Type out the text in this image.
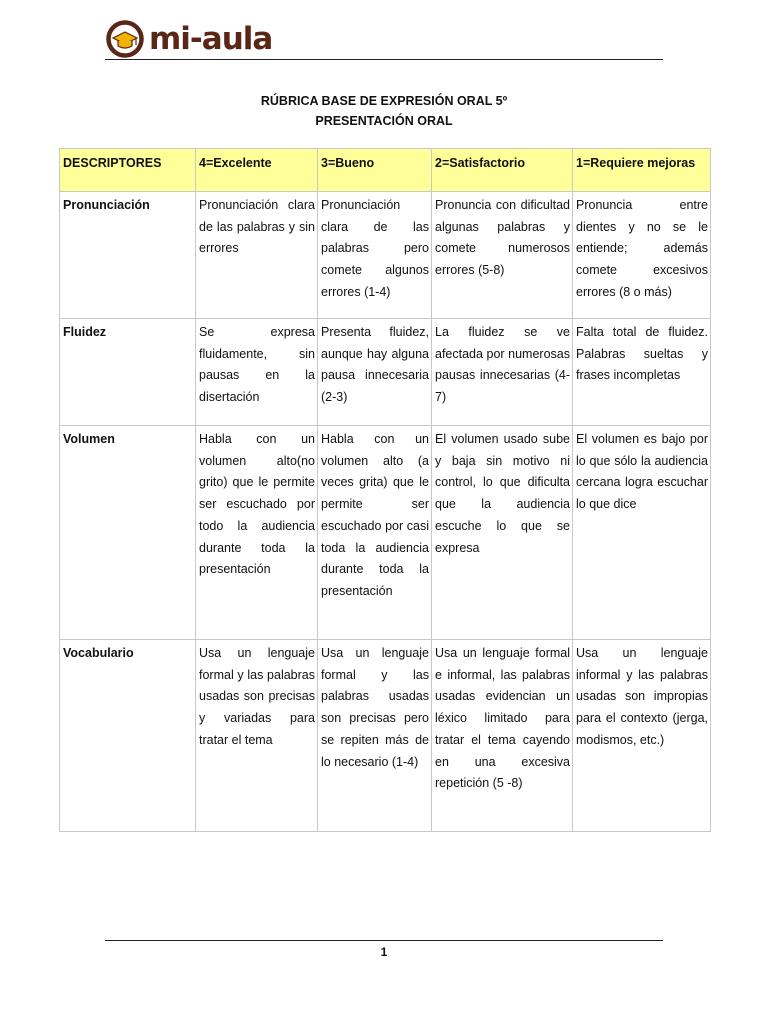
mi-aula
RÚBRICA BASE DE EXPRESIÓN ORAL 5º
PRESENTACIÓN ORAL
DESCRIPTORES	4=Excelente	3=Bueno	2=Satisfactorio	1=Requiere mejoras
Pronunciación	Pronunciación clara de las palabras y sin errores	Pronunciación clara de las palabras pero comete algunos errores (1-4)	Pronuncia con dificultad algunas palabras y comete numerosos errores (5-8)	Pronuncia entre dientes y no se le entiende; además comete excesivos errores (8 o más)
Fluidez	Se expresa fluidamente, sin pausas en la disertación	Presenta fluidez, aunque hay alguna pausa innecesaria (2-3)	La fluidez se ve afectada por numerosas pausas innecesarias (4-7)	Falta total de fluidez. Palabras sueltas y frases incompletas
Volumen	Habla con un volumen alto(no grito) que le permite ser escuchado por todo la audiencia durante toda la presentación	Habla con un volumen alto (a veces grita) que le permite ser escuchado por casi toda la audiencia durante toda la presentación	El volumen usado sube y baja sin motivo ni control, lo que dificulta que la audiencia escuche lo que se expresa	El volumen es bajo por lo que sólo la audiencia cercana logra escuchar lo que dice
Vocabulario	Usa un lenguaje formal y las palabras usadas son precisas y variadas para tratar el tema	Usa un lenguaje formal y las palabras usadas son precisas pero se repiten más de lo necesario (1-4)	Usa un lenguaje formal e informal, las palabras usadas evidencian un léxico limitado para tratar el tema cayendo en una excesiva repetición (5 -8)	Usa un lenguaje informal y las palabras usadas son impropias para el contexto (jerga, modismos, etc.)
1
